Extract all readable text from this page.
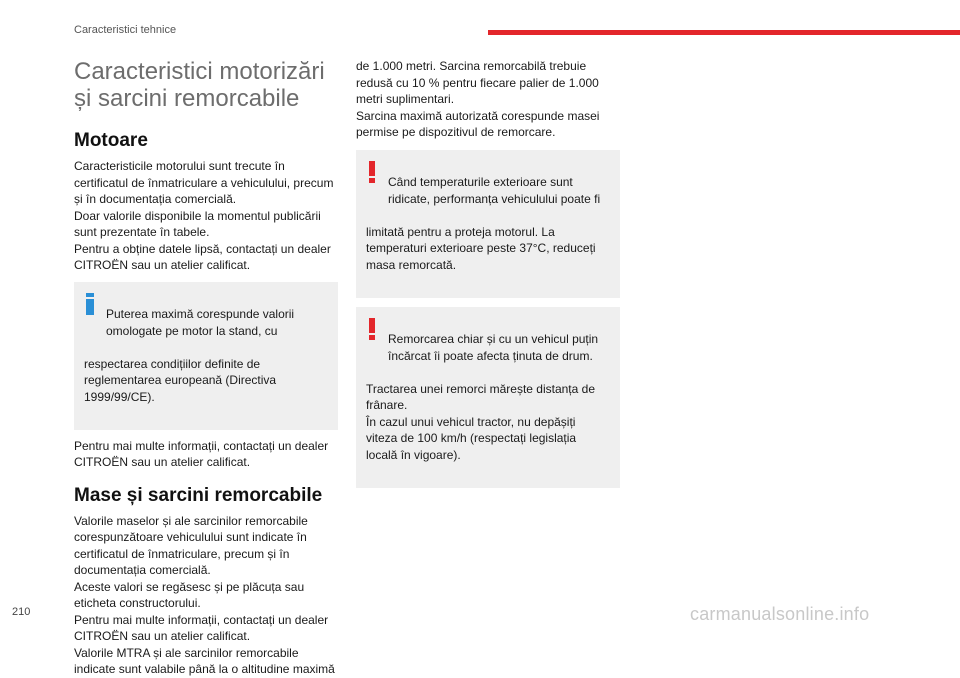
Caracteristici tehnice
Caracteristici motorizări și sarcini remorcabile
Motoare

Caracteristicile motorului sunt trecute în certificatul de înmatriculare a vehiculului, precum și în documentația comercială.
Doar valorile disponibile la momentul publicării sunt prezentate în tabele.
Pentru a obține datele lipsă, contactați un dealer CITROËN sau un atelier calificat.

Puterea maximă corespunde valorii omologate pe motor la stand, cu

respectarea condițiilor definite de reglementarea europeană (Directiva 1999/99/CE).

Pentru mai multe informații, contactați un dealer CITROËN sau un atelier calificat.

Mase și sarcini remorcabile

Valorile maselor și ale sarcinilor remorcabile corespunzătoare vehiculului sunt indicate în certificatul de înmatriculare, precum și în documentația comercială.
Aceste valori se regăsesc și pe plăcuța sau eticheta constructorului.
Pentru mai multe informații, contactați un dealer CITROËN sau un atelier calificat.
Valorile MTRA și ale sarcinilor remorcabile indicate sunt valabile până la o altitudine maximă

de 1.000 metri. Sarcina remorcabilă trebuie redusă cu 10 % pentru fiecare palier de 1.000 metri suplimentari.
Sarcina maximă autorizată corespunde masei permise pe dispozitivul de remorcare.

Când temperaturile exterioare sunt ridicate, performanța vehiculului poate fi

limitată pentru a proteja motorul. La temperaturi exterioare peste 37°C, reduceți masa remorcată.

Remorcarea chiar și cu un vehicul puțin încărcat îi poate afecta ținuta de drum.

Tractarea unei remorci mărește distanța de frânare.
În cazul unui vehicul tractor, nu depășiți viteza de 100 km/h (respectați legislația locală în vigoare).

210	carmanualsonline.info
